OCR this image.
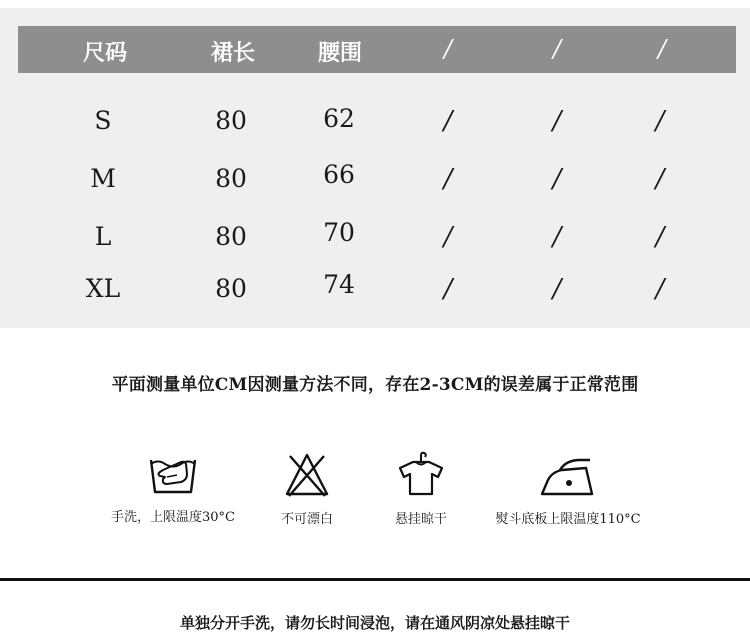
尺码	裙长	腰围	/	/	/
S	80	62	/	/	/
M	80	66	/	/	/
L	80	70	/	/	/
XL	80	74	/	/	/
平面测量单位CM因测量方法不同，存在2-3CM的误差属于正常范围
手洗，上限温度30°C	不可漂白	悬挂晾干	熨斗底板上限温度110°C
单独分开手洗，请勿长时间浸泡，请在通风阴凉处悬挂晾干
